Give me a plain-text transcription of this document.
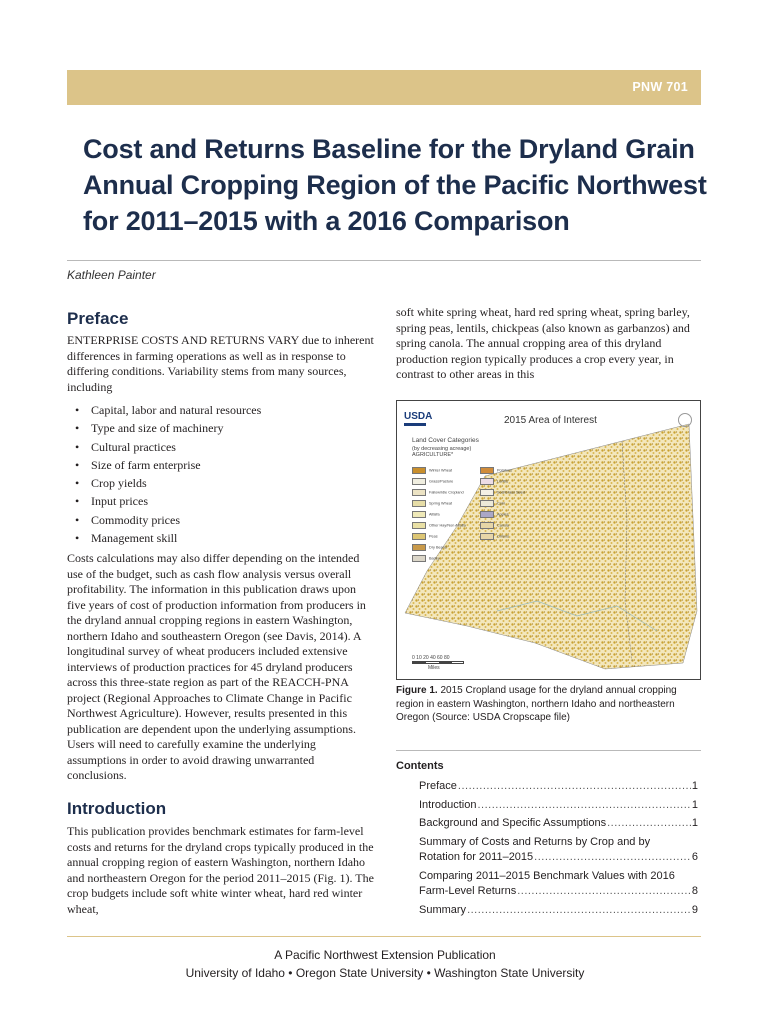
PNW 701
Cost and Returns Baseline for the Dryland Grain Annual Cropping Region of the Pacific Northwest for 2011–2015 with a 2016 Comparison
Kathleen Painter
Preface

ENTERPRISE COSTS AND RETURNS VARY due to inherent differences in farming operations as well as in response to differing conditions. Variability stems from many sources, including

• Capital, labor and natural resources
• Type and size of machinery
• Cultural practices
• Size of farm enterprise
• Crop yields
• Input prices
• Commodity prices
• Management skill

Costs calculations may also differ depending on the intended use of the budget, such as cash flow analysis versus overall profitability. The information in this publication draws upon five years of cost of production information from producers in the dryland annual cropping regions in eastern Washington, northern Idaho and southeastern Oregon (see Davis, 2014). A longitudinal survey of wheat producers included extensive interviews of production practices for 45 dryland producers across this three-state region as part of the REACCH-PNA project (Regional Approaches to Climate Change in Pacific Northwest Agriculture). However, results presented in this publication are dependent upon the underlying assumptions. Users will need to carefully examine the underlying assumptions in order to avoid drawing unwarranted conclusions.

Introduction

This publication provides benchmark estimates for farm-level costs and returns for the dryland crops typically produced in the annual cropping region of eastern Washington, northern Idaho and northeastern Oregon for the period 2011–2015 (Fig. 1). The crop budgets include soft white winter wheat, hard red winter wheat,

soft white spring wheat, hard red spring wheat, spring barley, spring peas, lentils, chickpeas (also known as garbanzos) and spring canola. The annual cropping area of this dryland production region typically produces a crop every year, in contrast to other areas in this

USDA	2015 Area of Interest
Land Cover Categories
(by decreasing acreage)
AGRICULTURE*
Winter Wheat
Grass/Pasture
Fallow/Idle Cropland
Spring Wheat
Alfalfa
Other Hay/Non Alfalfa
Peas
Dry Beans
Barley
Potatoes
Lentils
Sod/Grass Seed
Corn
Apples
Canola
Onions
0 10 20 40 60 80
Miles
Figure 1. 2015 Cropland usage for the dryland annual cropping region in eastern Washington, northern Idaho and northeastern Oregon (Source: USDA Cropscape file)
Contents
Preface .....	1
Introduction .....	1
Background and Specific Assumptions .....	1
Summary of Costs and Returns by Crop and by
Rotation for 2011–2015 .....	6
Comparing 2011–2015 Benchmark Values with 2016
Farm-Level Returns .....	8
Summary .....	9
A Pacific Northwest Extension Publication
University of Idaho • Oregon State University • Washington State University
